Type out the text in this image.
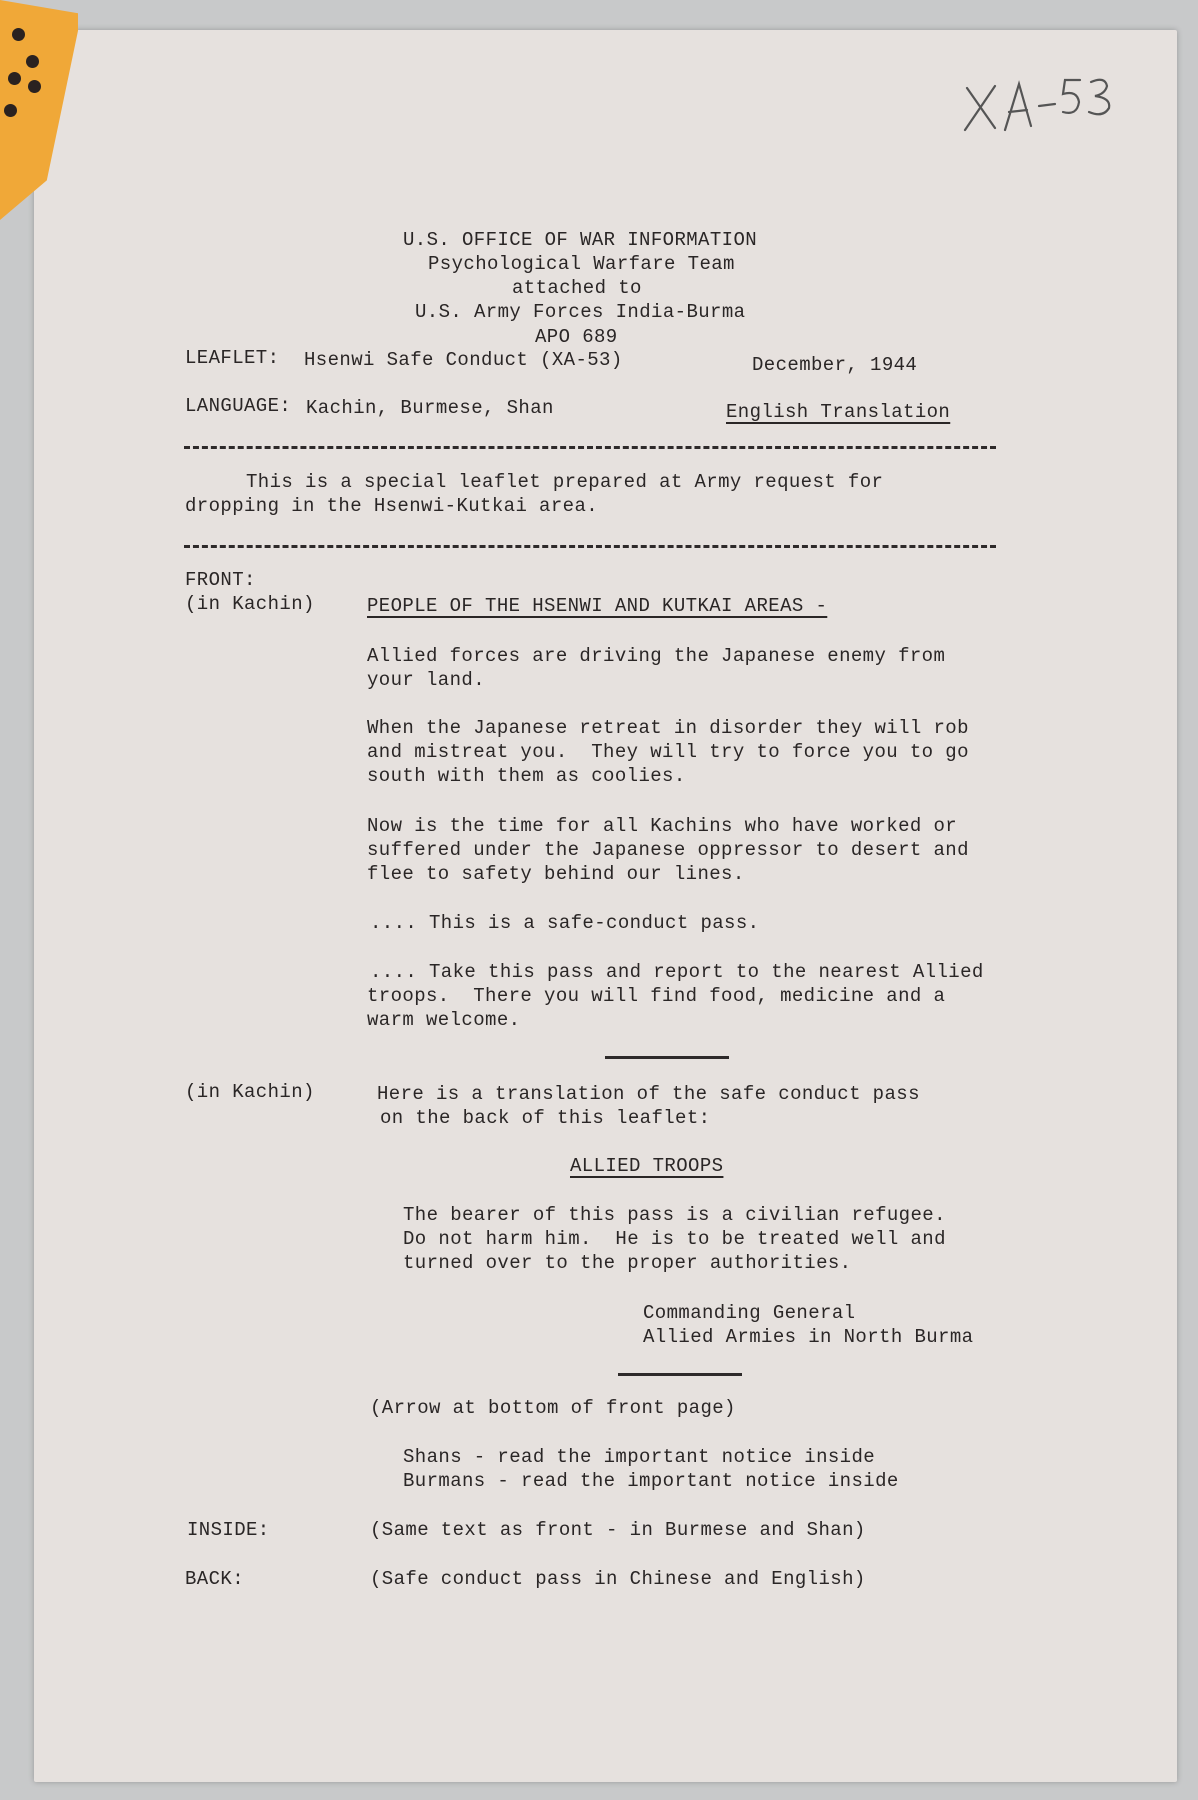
U.S. OFFICE OF WAR INFORMATION
Psychological Warfare Team
attached to
U.S. Army Forces India-Burma
APO 689
LEAFLET: Hsenwi Safe Conduct (XA-53)	December, 1944
LANGUAGE: Kachin, Burmese, Shan	English Translation
This is a special leaflet prepared at Army request for
dropping in the Hsenwi-Kutkai area.
FRONT:
(in Kachin)	PEOPLE OF THE HSENWI AND KUTKAI AREAS -
Allied forces are driving the Japanese enemy from
your land.
When the Japanese retreat in disorder they will rob
and mistreat you.  They will try to force you to go
south with them as coolies.
Now is the time for all Kachins who have worked or
suffered under the Japanese oppressor to desert and
flee to safety behind our lines.
.... This is a safe-conduct pass.
.... Take this pass and report to the nearest Allied
troops.  There you will find food, medicine and a
warm welcome.
(in Kachin)	Here is a translation of the safe conduct pass
on the back of this leaflet:
ALLIED TROOPS
The bearer of this pass is a civilian refugee.
Do not harm him.  He is to be treated well and
turned over to the proper authorities.
Commanding General
Allied Armies in North Burma
(Arrow at bottom of front page)
Shans - read the important notice inside
Burmans - read the important notice inside
INSIDE:	(Same text as front - in Burmese and Shan)
BACK:	(Safe conduct pass in Chinese and English)
